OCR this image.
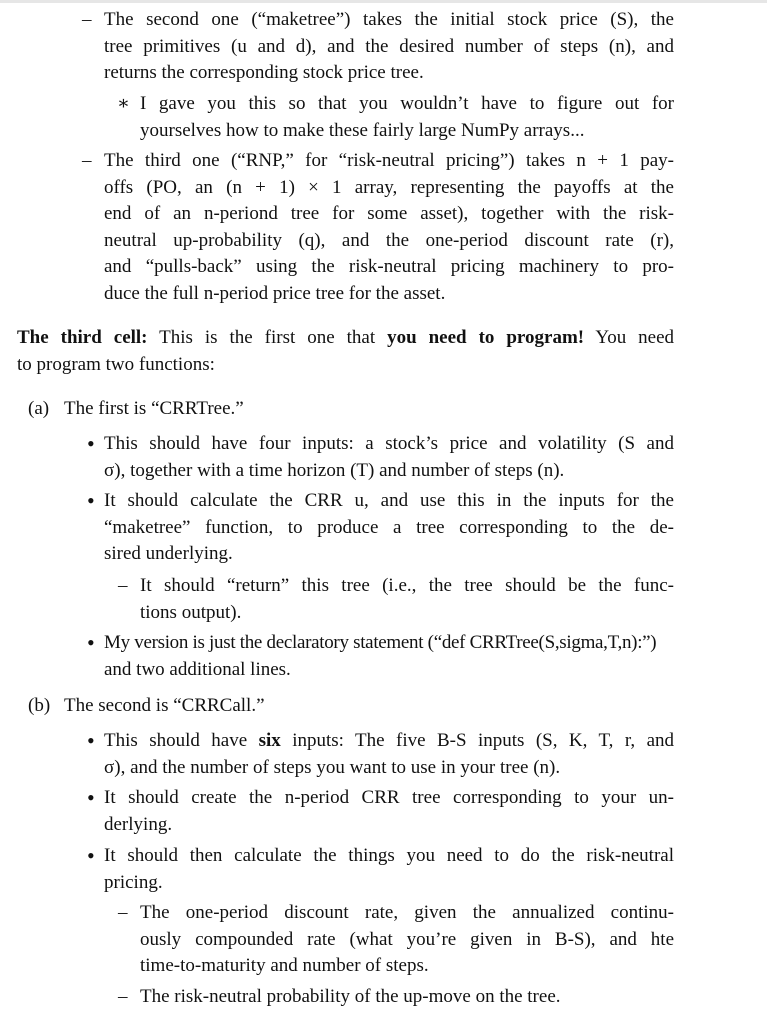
– The second one (“maketree”) takes the initial stock price (S), the
tree primitives (u and d), and the desired number of steps (n), and
returns the corresponding stock price tree.
∗ I gave you this so that you wouldn’t have to figure out for
yourselves how to make these fairly large NumPy arrays...
– The third one (“RNP,” for “risk-neutral pricing”) takes n + 1 pay-
offs (PO, an (n + 1) × 1 array, representing the payoffs at the
end of an n-periond tree for some asset), together with the risk-
neutral up-probability (q), and the one-period discount rate (r),
and “pulls-back” using the risk-neutral pricing machinery to pro-
duce the full n-period price tree for the asset.
The third cell: This is the first one that you need to program! You need
to program two functions:
(a) The first is “CRRTree.”
• This should have four inputs: a stock’s price and volatility (S and
σ), together with a time horizon (T) and number of steps (n).
• It should calculate the CRR u, and use this in the inputs for the
“maketree” function, to produce a tree corresponding to the de-
sired underlying.
– It should “return” this tree (i.e., the tree should be the func-
tions output).
• My version is just the declaratory statement (“def CRRTree(S,sigma,T,n):”)
and two additional lines.
(b) The second is “CRRCall.”
• This should have six inputs: The five B-S inputs (S, K, T, r, and
σ), and the number of steps you want to use in your tree (n).
• It should create the n-period CRR tree corresponding to your un-
derlying.
• It should then calculate the things you need to do the risk-neutral
pricing.
– The one-period discount rate, given the annualized continu-
ously compounded rate (what you’re given in B-S), and hte
time-to-maturity and number of steps.
– The risk-neutral probability of the up-move on the tree.
